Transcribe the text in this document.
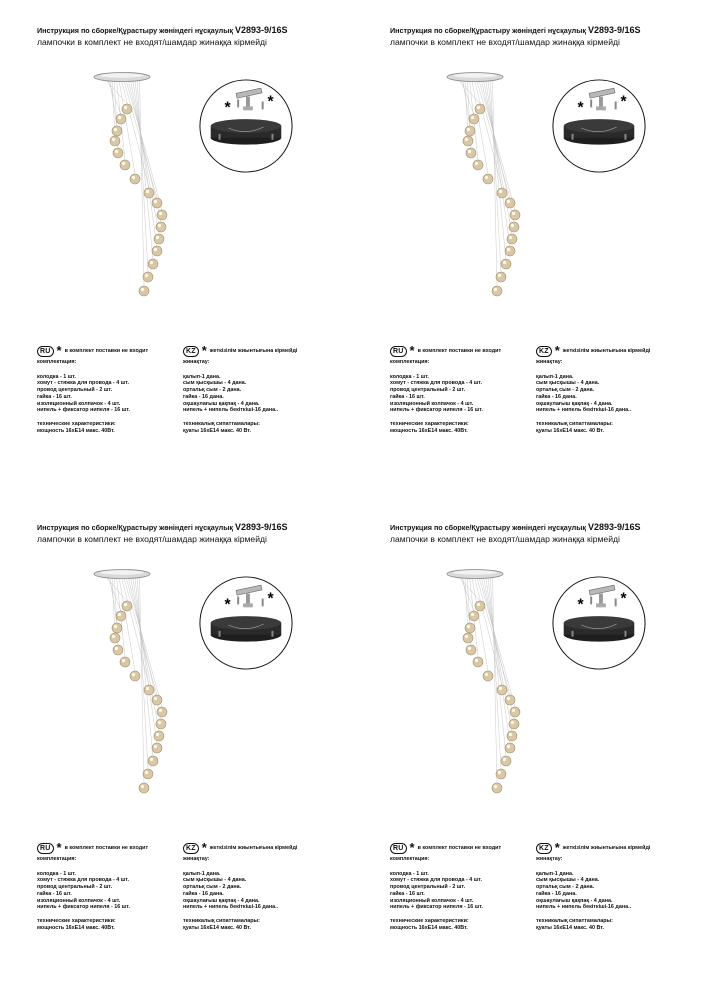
Инструкция по сборке/Құрастыру жөніндегі нұсқаулық V2893-9/16S
лампочки в комплект не входят/шамдар жинаққа кірмейді
* *
RU * в комплект поставки не входит
комплектация:
колодка - 1 шт.
хомут - стяжка для провода - 4 шт.
провод центральный - 2 шт.
гайка - 16 шт.
изоляционный колпачок - 4 шт.
нипель + фиксатор нипеля - 16 шт.
технические характеристики:
мощность 16хЕ14 макс. 40Вт.
KZ * жеткізілім жиынтығына кірмейді
жинақтау:
қалып-1 дана.
сым қысқышы - 4 дана.
ортальқ сым - 2 дана.
гайка - 16 дана.
оқшаулағыш қақпақ - 4 дана.
нипель + нипель бекіткіші-16 дана..
техникалық сипаттамалары:
қуаты 16хЕ14 макс. 40 Вт.
Инструкция по сборке/Құрастыру жөніндегі нұсқаулық V2893-9/16S
лампочки в комплект не входят/шамдар жинаққа кірмейді
* *
RU * в комплект поставки не входит
комплектация:
колодка - 1 шт.
хомут - стяжка для провода - 4 шт.
провод центральный - 2 шт.
гайка - 16 шт.
изоляционный колпачок - 4 шт.
нипель + фиксатор нипеля - 16 шт.
технические характеристики:
мощность 16хЕ14 макс. 40Вт.
KZ * жеткізілім жиынтығына кірмейді
жинақтау:
қалып-1 дана.
сым қысқышы - 4 дана.
ортальқ сым - 2 дана.
гайка - 16 дана.
оқшаулағыш қақпақ - 4 дана.
нипель + нипель бекіткіші-16 дана..
техникалық сипаттамалары:
қуаты 16хЕ14 макс. 40 Вт.
Инструкция по сборке/Құрастыру жөніндегі нұсқаулық V2893-9/16S
лампочки в комплект не входят/шамдар жинаққа кірмейді
* *
RU * в комплект поставки не входит
комплектация:
колодка - 1 шт.
хомут - стяжка для провода - 4 шт.
провод центральный - 2 шт.
гайка - 16 шт.
изоляционный колпачок - 4 шт.
нипель + фиксатор нипеля - 16 шт.
технические характеристики:
мощность 16хЕ14 макс. 40Вт.
KZ * жеткізілім жиынтығына кірмейді
жинақтау:
қалып-1 дана.
сым қысқышы - 4 дана.
ортальқ сым - 2 дана.
гайка - 16 дана.
оқшаулағыш қақпақ - 4 дана.
нипель + нипель бекіткіші-16 дана..
техникалық сипаттамалары:
қуаты 16хЕ14 макс. 40 Вт.
Инструкция по сборке/Құрастыру жөніндегі нұсқаулық V2893-9/16S
лампочки в комплект не входят/шамдар жинаққа кірмейді
* *
RU * в комплект поставки не входит
комплектация:
колодка - 1 шт.
хомут - стяжка для провода - 4 шт.
провод центральный - 2 шт.
гайка - 16 шт.
изоляционный колпачок - 4 шт.
нипель + фиксатор нипеля - 16 шт.
технические характеристики:
мощность 16хЕ14 макс. 40Вт.
KZ * жеткізілім жиынтығына кірмейді
жинақтау:
қалып-1 дана.
сым қысқышы - 4 дана.
ортальқ сым - 2 дана.
гайка - 16 дана.
оқшаулағыш қақпақ - 4 дана.
нипель + нипель бекіткіші-16 дана..
техникалық сипаттамалары:
қуаты 16хЕ14 макс. 40 Вт.
